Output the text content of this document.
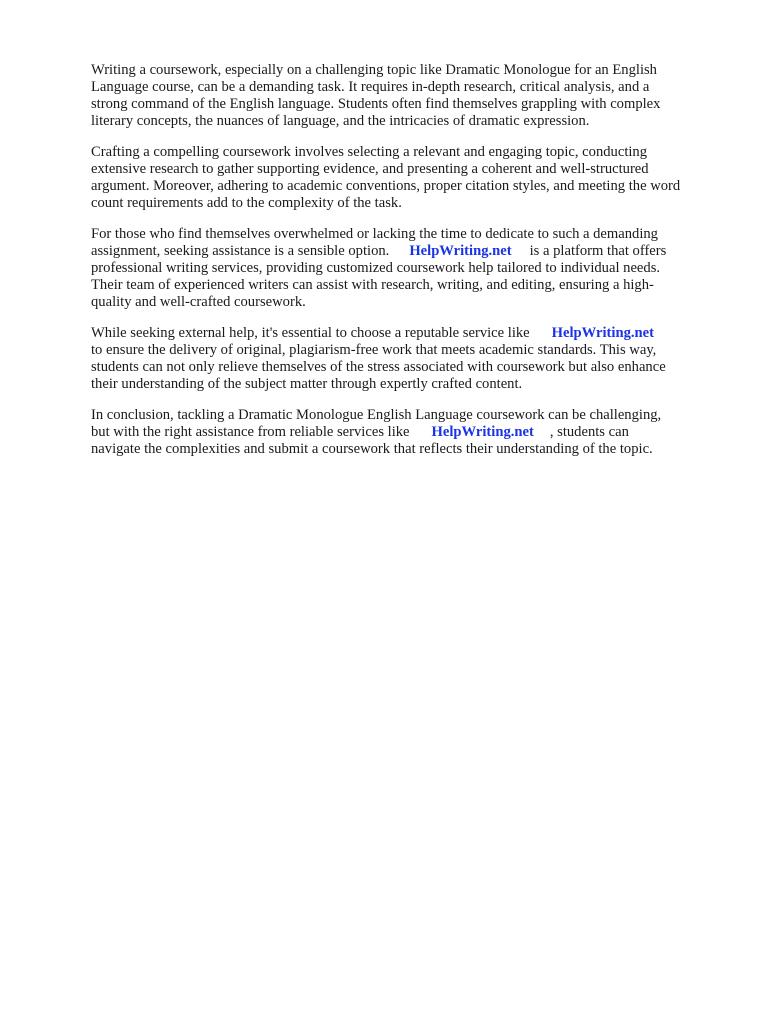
Writing a coursework, especially on a challenging topic like Dramatic Monologue for an English
Language course, can be a demanding task. It requires in-depth research, critical analysis, and a
strong command of the English language. Students often find themselves grappling with complex
literary concepts, the nuances of language, and the intricacies of dramatic expression.

Crafting a compelling coursework involves selecting a relevant and engaging topic, conducting
extensive research to gather supporting evidence, and presenting a coherent and well-structured
argument. Moreover, adhering to academic conventions, proper citation styles, and meeting the word
count requirements add to the complexity of the task.

For those who find themselves overwhelmed or lacking the time to dedicate to such a demanding
assignment, seeking assistance is a sensible option. HelpWriting.net is a platform that offers
professional writing services, providing customized coursework help tailored to individual needs.
Their team of experienced writers can assist with research, writing, and editing, ensuring a high-
quality and well-crafted coursework.

While seeking external help, it's essential to choose a reputable service like HelpWriting.net
to ensure the delivery of original, plagiarism-free work that meets academic standards. This way,
students can not only relieve themselves of the stress associated with coursework but also enhance
their understanding of the subject matter through expertly crafted content.

In conclusion, tackling a Dramatic Monologue English Language coursework can be challenging,
but with the right assistance from reliable services like HelpWriting.net , students can
navigate the complexities and submit a coursework that reflects their understanding of the topic.
